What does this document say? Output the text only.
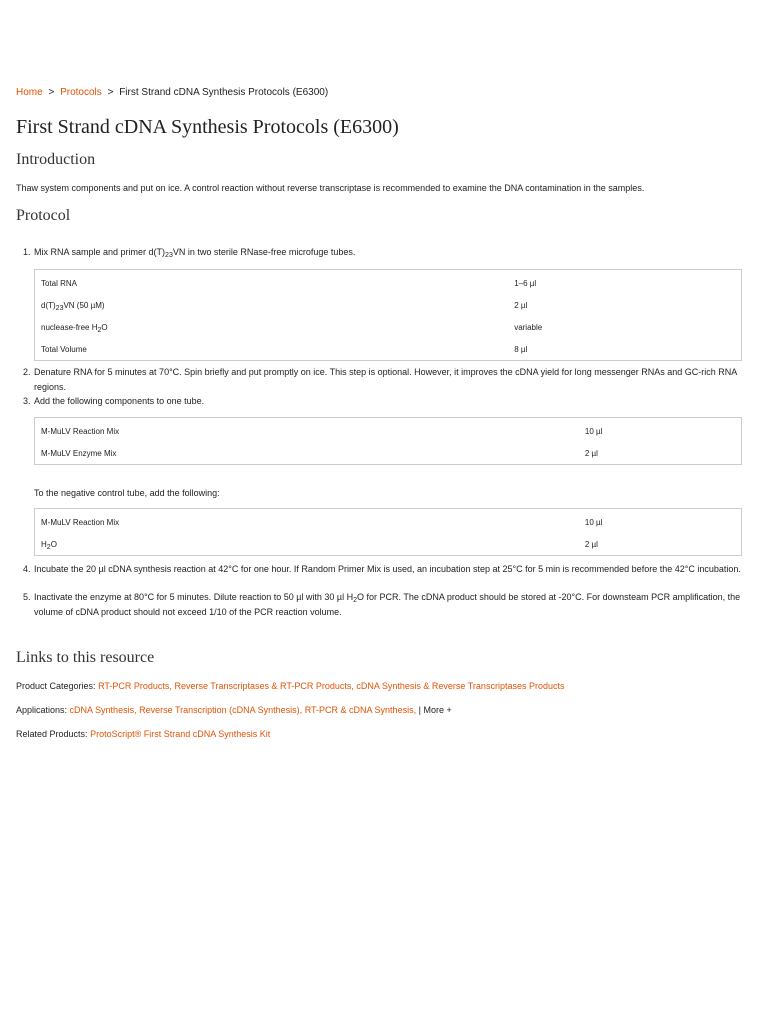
Home > Protocols > First Strand cDNA Synthesis Protocols (E6300)
First Strand cDNA Synthesis Protocols (E6300)
Introduction
Thaw system components and put on ice. A control reaction without reverse transcriptase is recommended to examine the DNA contamination in the samples.
Protocol
1. Mix RNA sample and primer $d(T)_{23}VN$ in two sterile RNase-free microfuge tubes.
Total RNA	1–6 µl
$d(T)_{23}VN$ (50 µM)	2 µl
nuclease-free $H_2O$	variable
Total Volume	8 µl
2. Denature RNA for 5 minutes at 70°C. Spin briefly and put promptly on ice. This step is optional. However, it improves the cDNA yield for long messenger RNAs and GC-rich RNA regions.
3. Add the following components to one tube.
M-MuLV Reaction Mix	10 µl
M-MuLV Enzyme Mix	2 µl
To the negative control tube, add the following:
M-MuLV Reaction Mix	10 µl
$H_2O$	2 µl
4. Incubate the 20 µl cDNA synthesis reaction at 42°C for one hour. If Random Primer Mix is used, an incubation step at 25°C for 5 min is recommended before the 42°C incubation.
5. Inactivate the enzyme at 80°C for 5 minutes. Dilute reaction to 50 µl with 30 µl $H_2O$ for PCR. The cDNA product should be stored at -20°C. For downsteam PCR amplification, the volume of cDNA product should not exceed 1/10 of the PCR reaction volume.
Links to this resource
Product Categories: RT-PCR Products, Reverse Transcriptases & RT-PCR Products, cDNA Synthesis & Reverse Transcriptases Products
Applications: cDNA Synthesis, Reverse Transcription (cDNA Synthesis), RT-PCR & cDNA Synthesis, | More +
Related Products: ProtoScript® First Strand cDNA Synthesis Kit
